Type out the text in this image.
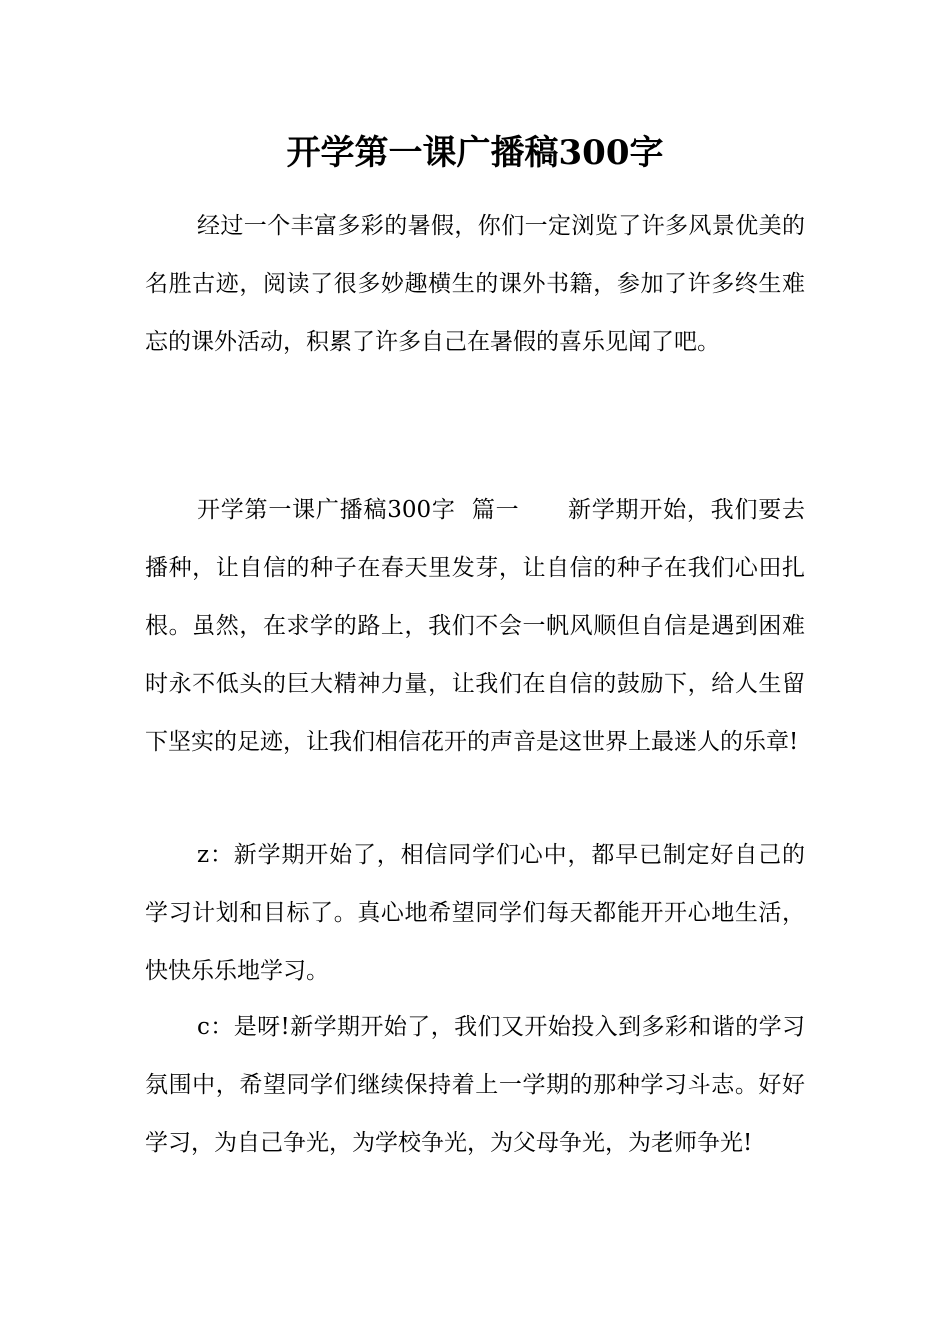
开学第一课广播稿300字

经过一个丰富多彩的暑假，你们一定浏览了许多风景优美的名胜古迹，阅读了很多妙趣横生的课外书籍，参加了许多终生难忘的课外活动，积累了许多自己在暑假的喜乐见闻了吧。

开学第一课广播稿300字  篇一      新学期开始，我们要去播种，让自信的种子在春天里发芽，让自信的种子在我们心田扎根。虽然，在求学的路上，我们不会一帆风顺但自信是遇到困难时永不低头的巨大精神力量，让我们在自信的鼓励下，给人生留下坚实的足迹，让我们相信花开的声音是这世界上最迷人的乐章!

z：新学期开始了，相信同学们心中，都早已制定好自己的学习计划和目标了。真心地希望同学们每天都能开开心地生活，快快乐乐地学习。

c：是呀!新学期开始了，我们又开始投入到多彩和谐的学习氛围中，希望同学们继续保持着上一学期的那种学习斗志。好好学习，为自己争光，为学校争光，为父母争光，为老师争光!
